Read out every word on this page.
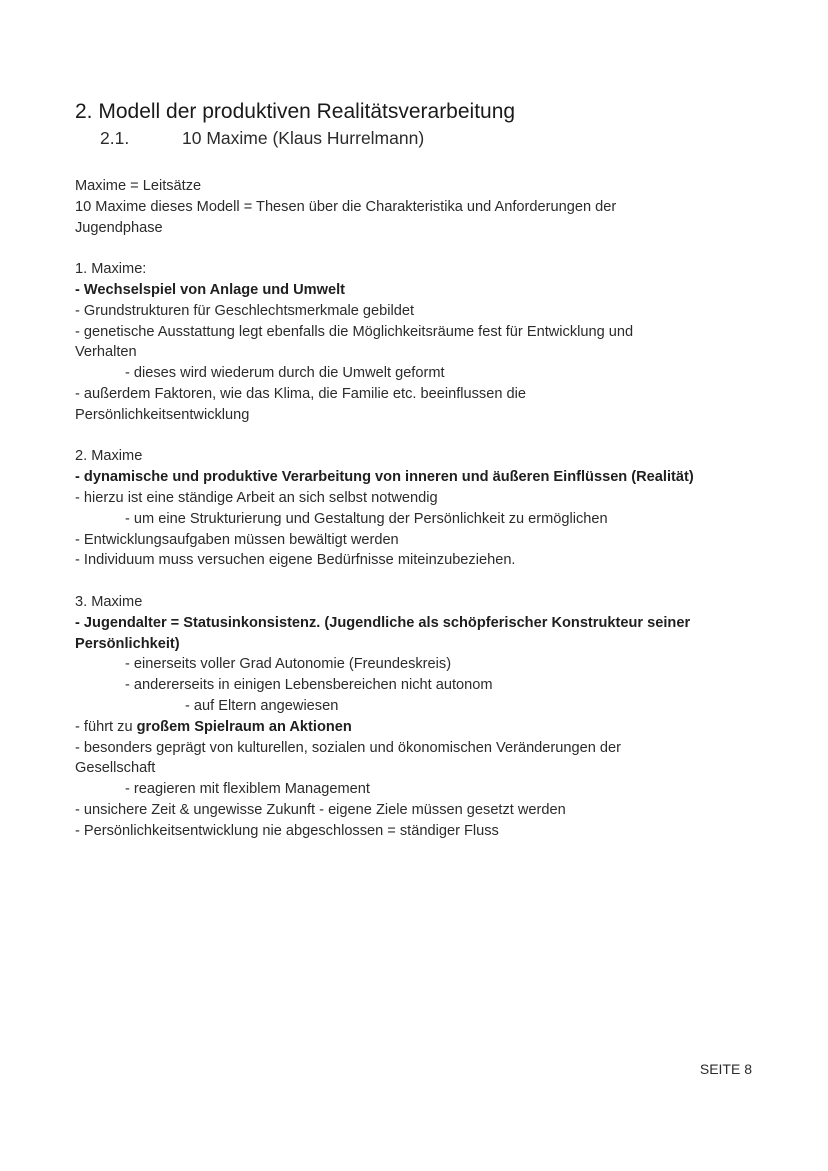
2. Modell der produktiven Realitätsverarbeitung
2.1.	10 Maxime (Klaus Hurrelmann)
Maxime = Leitsätze
10 Maxime dieses Modell = Thesen über die Charakteristika und Anforderungen der
Jugendphase
1. Maxime:
- Wechselspiel von Anlage und Umwelt
- Grundstrukturen für Geschlechtsmerkmale gebildet
- genetische Ausstattung legt ebenfalls die Möglichkeitsräume fest für Entwicklung und
Verhalten
- dieses wird wiederum durch die Umwelt geformt
- außerdem Faktoren, wie das Klima, die Familie etc. beeinflussen die
Persönlichkeitsentwicklung
2. Maxime
- dynamische und produktive Verarbeitung von inneren und äußeren Einflüssen (Realität)
- hierzu ist eine ständige Arbeit an sich selbst notwendig
- um eine Strukturierung und Gestaltung der Persönlichkeit zu ermöglichen
- Entwicklungsaufgaben müssen bewältigt werden
- Individuum muss versuchen eigene Bedürfnisse miteinzubeziehen.
3. Maxime
- Jugendalter = Statusinkonsistenz. (Jugendliche als schöpferischer Konstrukteur seiner
Persönlichkeit)
- einerseits voller Grad Autonomie (Freundeskreis)
- andererseits in einigen Lebensbereichen nicht autonom
- auf Eltern angewiesen
- führt zu großem Spielraum an Aktionen
- besonders geprägt von kulturellen, sozialen und ökonomischen Veränderungen der
Gesellschaft
- reagieren mit flexiblem Management
- unsichere Zeit & ungewisse Zukunft - eigene Ziele müssen gesetzt werden
- Persönlichkeitsentwicklung nie abgeschlossen = ständiger Fluss
SEITE 8
